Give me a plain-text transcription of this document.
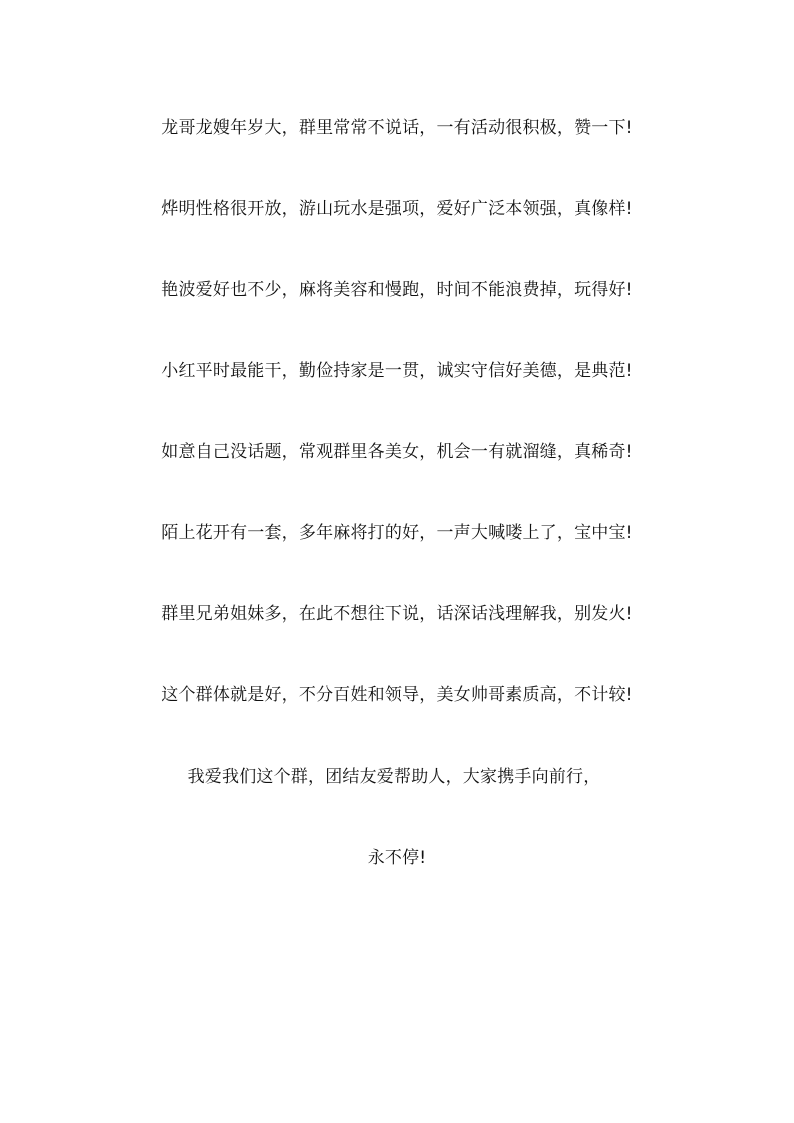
龙哥龙嫂年岁大，群里常常不说话，一有活动很积极，赞一下!
烨明性格很开放，游山玩水是强项，爱好广泛本领强，真像样!
艳波爱好也不少，麻将美容和慢跑，时间不能浪费掉，玩得好!
小红平时最能干，勤俭持家是一贯，诚实守信好美德，是典范!
如意自己没话题，常观群里各美女，机会一有就溜缝，真稀奇!
陌上花开有一套，多年麻将打的好，一声大喊喽上了，宝中宝!
群里兄弟姐妹多，在此不想往下说，话深话浅理解我，别发火!
这个群体就是好，不分百姓和领导，美女帅哥素质高，不计较!
我爱我们这个群，团结友爱帮助人，大家携手向前行，
永不停!
